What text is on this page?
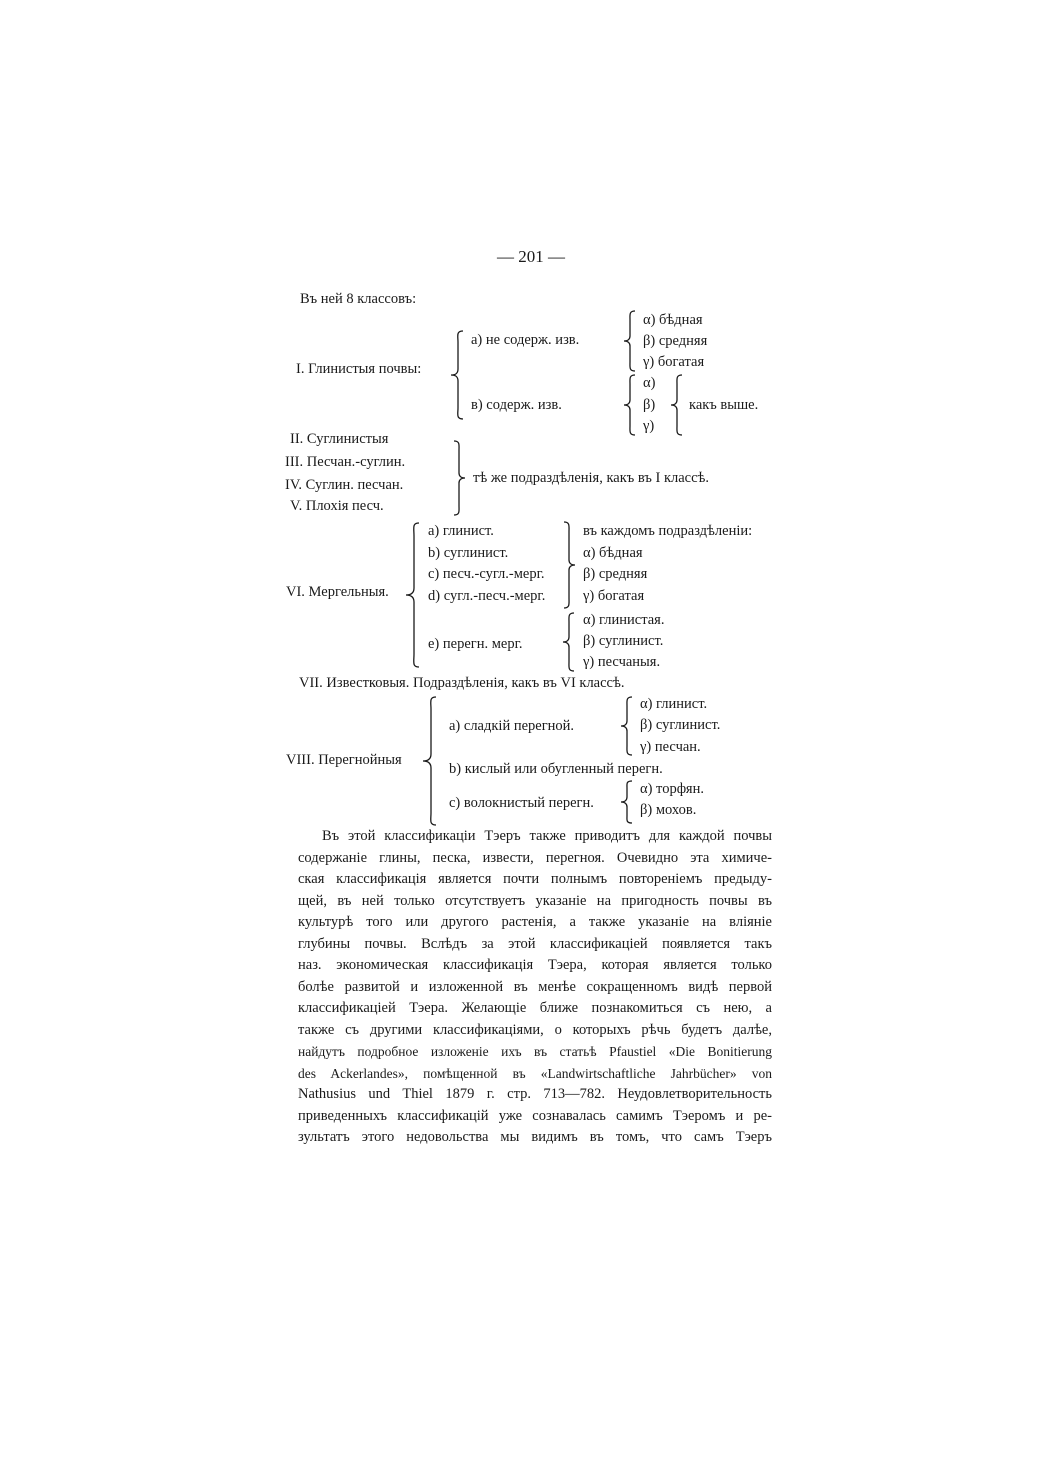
— 201 —
Въ ней 8 классовъ:
I. Глинистыя почвы:
a) не содерж. изв.
α) бѣдная
β) средняя
γ) богатая
в) содерж. изв.
α)
β)
γ)
какъ выше.
II. Суглинистыя
III. Песчан.-суглин.
IV. Суглин. песчан.
V. Плохія песч.
тѣ же подраздѣленія, какъ въ I классѣ.
VI. Мергельныя.
a) глинист.
b) суглинист.
c) песч.-сугл.-мерг.
d) сугл.-песч.-мерг.
въ каждомъ подраздѣленіи:
α) бѣдная
β) средняя
γ) богатая
e) перегн. мерг.
α) глинистая.
β) суглинист.
γ) песчаныя.
VII. Известковыя. Подраздѣленія, какъ въ VI классѣ.
VIII. Перегнойныя
a) сладкій перегной.
α) глинист.
β) суглинист.
γ) песчан.
b) кислый или обугленный перегн.
c) волокнистый перегн.
α) торфян.
β) мохов.
Въ этой классификаціи Тэеръ также приводитъ для каждой почвы
содержаніе глины, песка, извести, перегноя. Очевидно эта химиче-
ская классификація является почти полнымъ повтореніемъ предыду-
щей, въ ней только отсутствуетъ указаніе на пригодность почвы въ
культурѣ того или другого растенія, а также указаніе на вліяніе
глубины почвы. Вслѣдъ за этой классификаціей появляется такъ
наз. экономическая классификація Тэера, которая является только
болѣе развитой и изложенной въ менѣе сокращенномъ видѣ первой
классификаціей Тэера. Желающіе ближе познакомиться съ нею, а
также съ другими классификаціями, о которыхъ рѣчь будетъ далѣе,
найдутъ подробное изложеніе ихъ въ статьѣ Pfaustiel «Die Bonitierung
des Ackerlandes», помѣщенной въ «Landwirtschaftliche Jahrbücher» von
Nathusius und Thiel 1879 г. стр. 713—782. Неудовлетворительность
приведенныхъ классификацій уже сознавалась самимъ Тэеромъ и ре-
зультатъ этого недовольства мы видимъ въ томъ, что самъ Тэеръ
